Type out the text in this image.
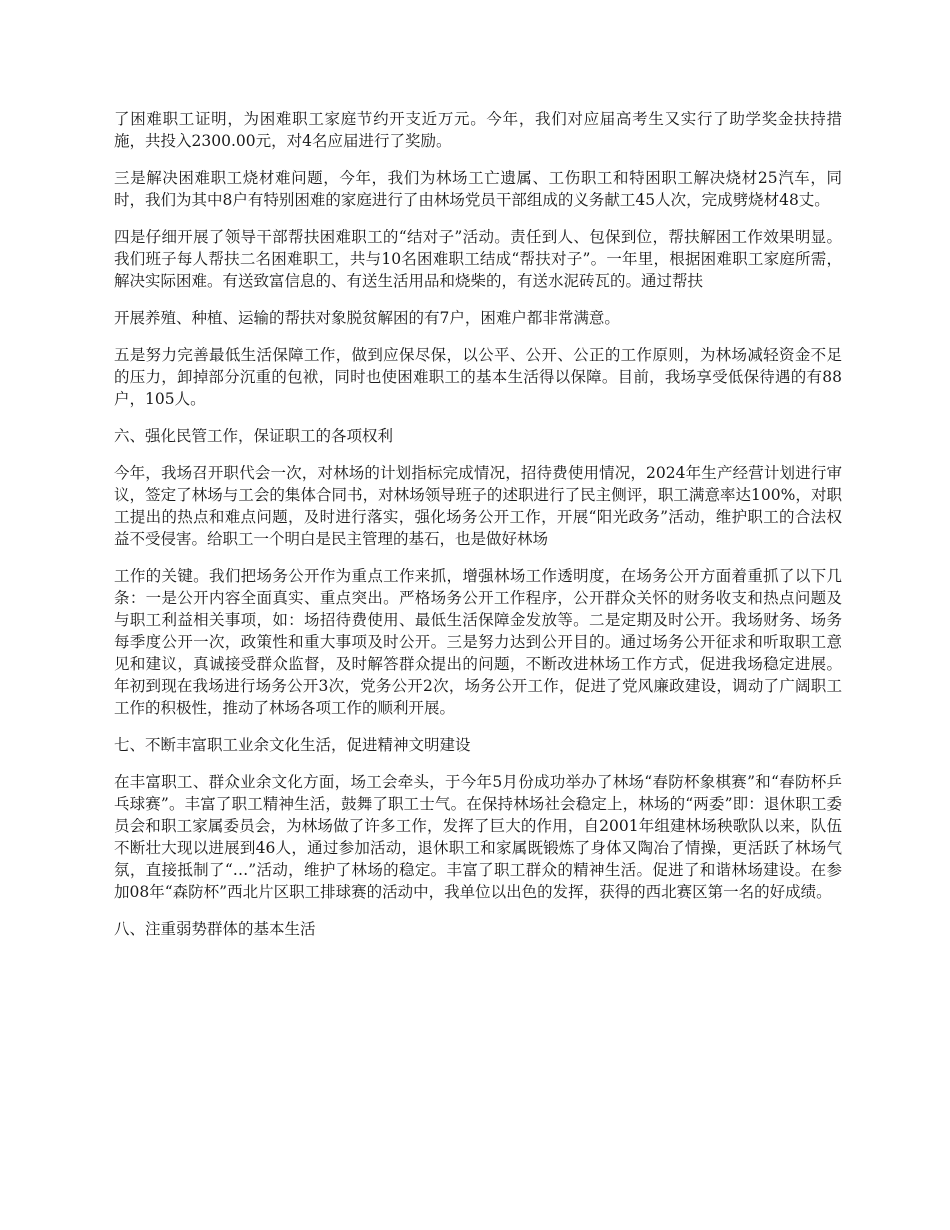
了困难职工证明，为困难职工家庭节约开支近万元。今年，我们对应届高考生又实行了助学奖金扶持措施，共投入2300.00元，对4名应届进行了奖励。

三是解决困难职工烧材难问题，今年，我们为林场工亡遗属、工伤职工和特困职工解决烧材25汽车，同时，我们为其中8户有特别困难的家庭进行了由林场党员干部组成的义务献工45人次，完成劈烧材48丈。

四是仔细开展了领导干部帮扶困难职工的“结对子”活动。责任到人、包保到位，帮扶解困工作效果明显。我们班子每人帮扶二名困难职工，共与10名困难职工结成“帮扶对子”。一年里，根据困难职工家庭所需，解决实际困难。有送致富信息的、有送生活用品和烧柴的，有送水泥砖瓦的。通过帮扶

开展养殖、种植、运输的帮扶对象脱贫解困的有7户，困难户都非常满意。

五是努力完善最低生活保障工作，做到应保尽保，以公平、公开、公正的工作原则，为林场减轻资金不足的压力，卸掉部分沉重的包袱，同时也使困难职工的基本生活得以保障。目前，我场享受低保待遇的有88户，105人。

六、强化民管工作，保证职工的各项权利

今年，我场召开职代会一次，对林场的计划指标完成情况，招待费使用情况，2024年生产经营计划进行审议，签定了林场与工会的集体合同书，对林场领导班子的述职进行了民主侧评，职工满意率达100%，对职工提出的热点和难点问题，及时进行落实，强化场务公开工作，开展“阳光政务”活动，维护职工的合法权益不受侵害。给职工一个明白是民主管理的基石，也是做好林场

工作的关键。我们把场务公开作为重点工作来抓，增强林场工作透明度，在场务公开方面着重抓了以下几条：一是公开内容全面真实、重点突出。严格场务公开工作程序，公开群众关怀的财务收支和热点问题及与职工利益相关事项，如：场招待费使用、最低生活保障金发放等。二是定期及时公开。我场财务、场务每季度公开一次，政策性和重大事项及时公开。三是努力达到公开目的。通过场务公开征求和听取职工意见和建议，真诚接受群众监督，及时解答群众提出的问题，不断改进林场工作方式，促进我场稳定进展。年初到现在我场进行场务公开3次，党务公开2次，场务公开工作，促进了党风廉政建设，调动了广阔职工工作的积极性，推动了林场各项工作的顺利开展。

七、不断丰富职工业余文化生活，促进精神文明建设

在丰富职工、群众业余文化方面，场工会牵头，于今年5月份成功举办了林场“春防杯象棋赛”和“春防杯乒乓球赛”。丰富了职工精神生活，鼓舞了职工士气。在保持林场社会稳定上，林场的“两委”即：退休职工委员会和职工家属委员会，为林场做了许多工作，发挥了巨大的作用，自2001年组建林场秧歌队以来，队伍不断壮大现以进展到46人，通过参加活动，退休职工和家属既锻炼了身体又陶冶了情操，更活跃了林场气氛，直接抵制了“…”活动，维护了林场的稳定。丰富了职工群众的精神生活。促进了和谐林场建设。在参加08年“森防杯”西北片区职工排球赛的活动中，我单位以出色的发挥，获得的西北赛区第一名的好成绩。

八、注重弱势群体的基本生活
